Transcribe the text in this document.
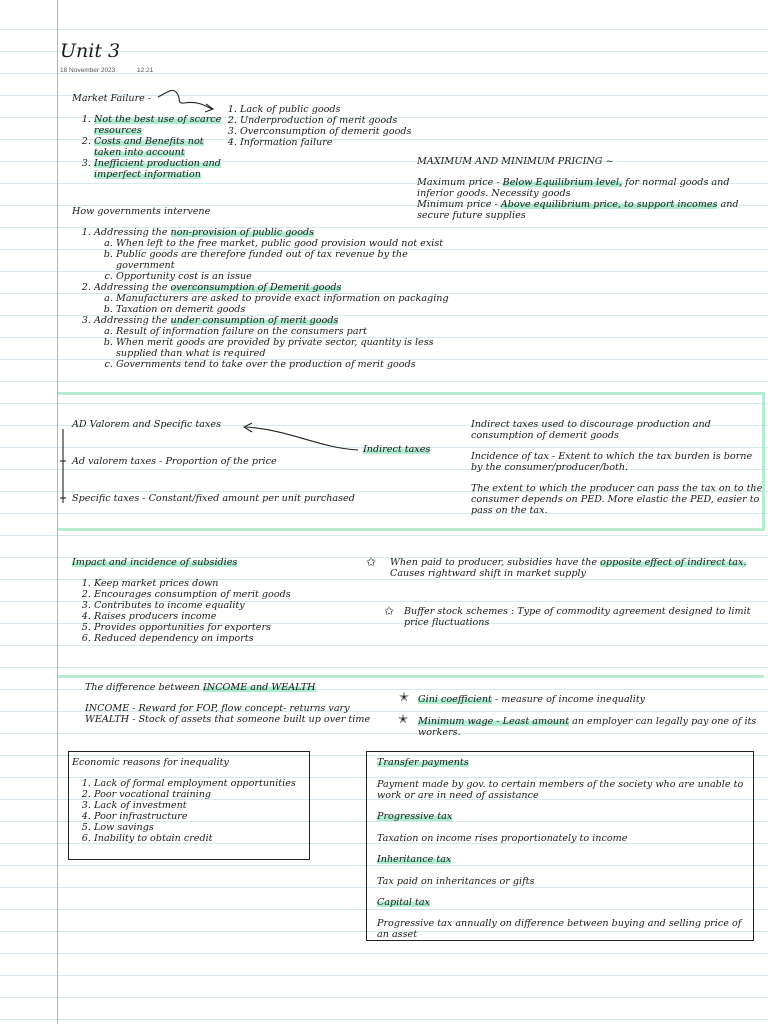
Unit 3
18 November 2023	12:21
Market Failure -
1. Not the best use of scarce resources
2. Costs and Benefits not taken into account
3. Inefficient production and imperfect information
1. Lack of public goods
2. Underproduction of merit goods
3. Overconsumption of demerit goods
4. Information failure
MAXIMUM AND MINIMUM PRICING ~
Maximum price - Below Equilibrium level, for normal goods and inferior goods. Necessity goods
Minimum price - Above equilibrium price, to support incomes and secure future supplies
How governments intervene
1. Addressing the non-provision of public goods
a. When left to the free market, public good provision would not exist
b. Public goods are therefore funded out of tax revenue by the government
c. Opportunity cost is an issue
2. Addressing the overconsumption of Demerit goods
a. Manufacturers are asked to provide exact information on packaging
b. Taxation on demerit goods
3. Addressing the under consumption of merit goods
a. Result of information failure on the consumers part
b. When merit goods are provided by private sector, quantity is less supplied than what is required
c. Governments tend to take over the production of merit goods
AD Valorem and Specific taxes
Indirect taxes
Ad valorem taxes - Proportion of the price
Specific taxes - Constant/fixed amount per unit purchased
Indirect taxes used to discourage production and consumption of demerit goods
Incidence of tax - Extent to which the tax burden is borne by the consumer/producer/both.
The extent to which the producer can pass the tax on to the consumer depends on PED. More elastic the PED, easier to pass on the tax.
Impact and incidence of subsidies
1. Keep market prices down
2. Encourages consumption of merit goods
3. Contributes to income equality
4. Raises producers income
5. Provides opportunities for exporters
6. Reduced dependency on imports
✩ When paid to producer, subsidies have the opposite effect of indirect tax. Causes rightward shift in market supply
✩ Buffer stock schemes : Type of commodity agreement designed to limit price fluctuations
The difference between INCOME and WEALTH
INCOME - Reward for FOP, flow concept- returns vary
WEALTH - Stock of assets that someone built up over time
✭ Gini coefficient - measure of income inequality
✭ Minimum wage - Least amount an employer can legally pay one of its workers.
Economic reasons for inequality
1. Lack of formal employment opportunities
2. Poor vocational training
3. Lack of investment
4. Poor infrastructure
5. Low savings
6. Inability to obtain credit
Transfer payments
Payment made by gov. to certain members of the society who are unable to work or are in need of assistance
Progressive tax
Taxation on income rises proportionately to income
Inheritance tax
Tax paid on inheritances or gifts
Capital tax
Progressive tax annually on difference between buying and selling price of an asset
